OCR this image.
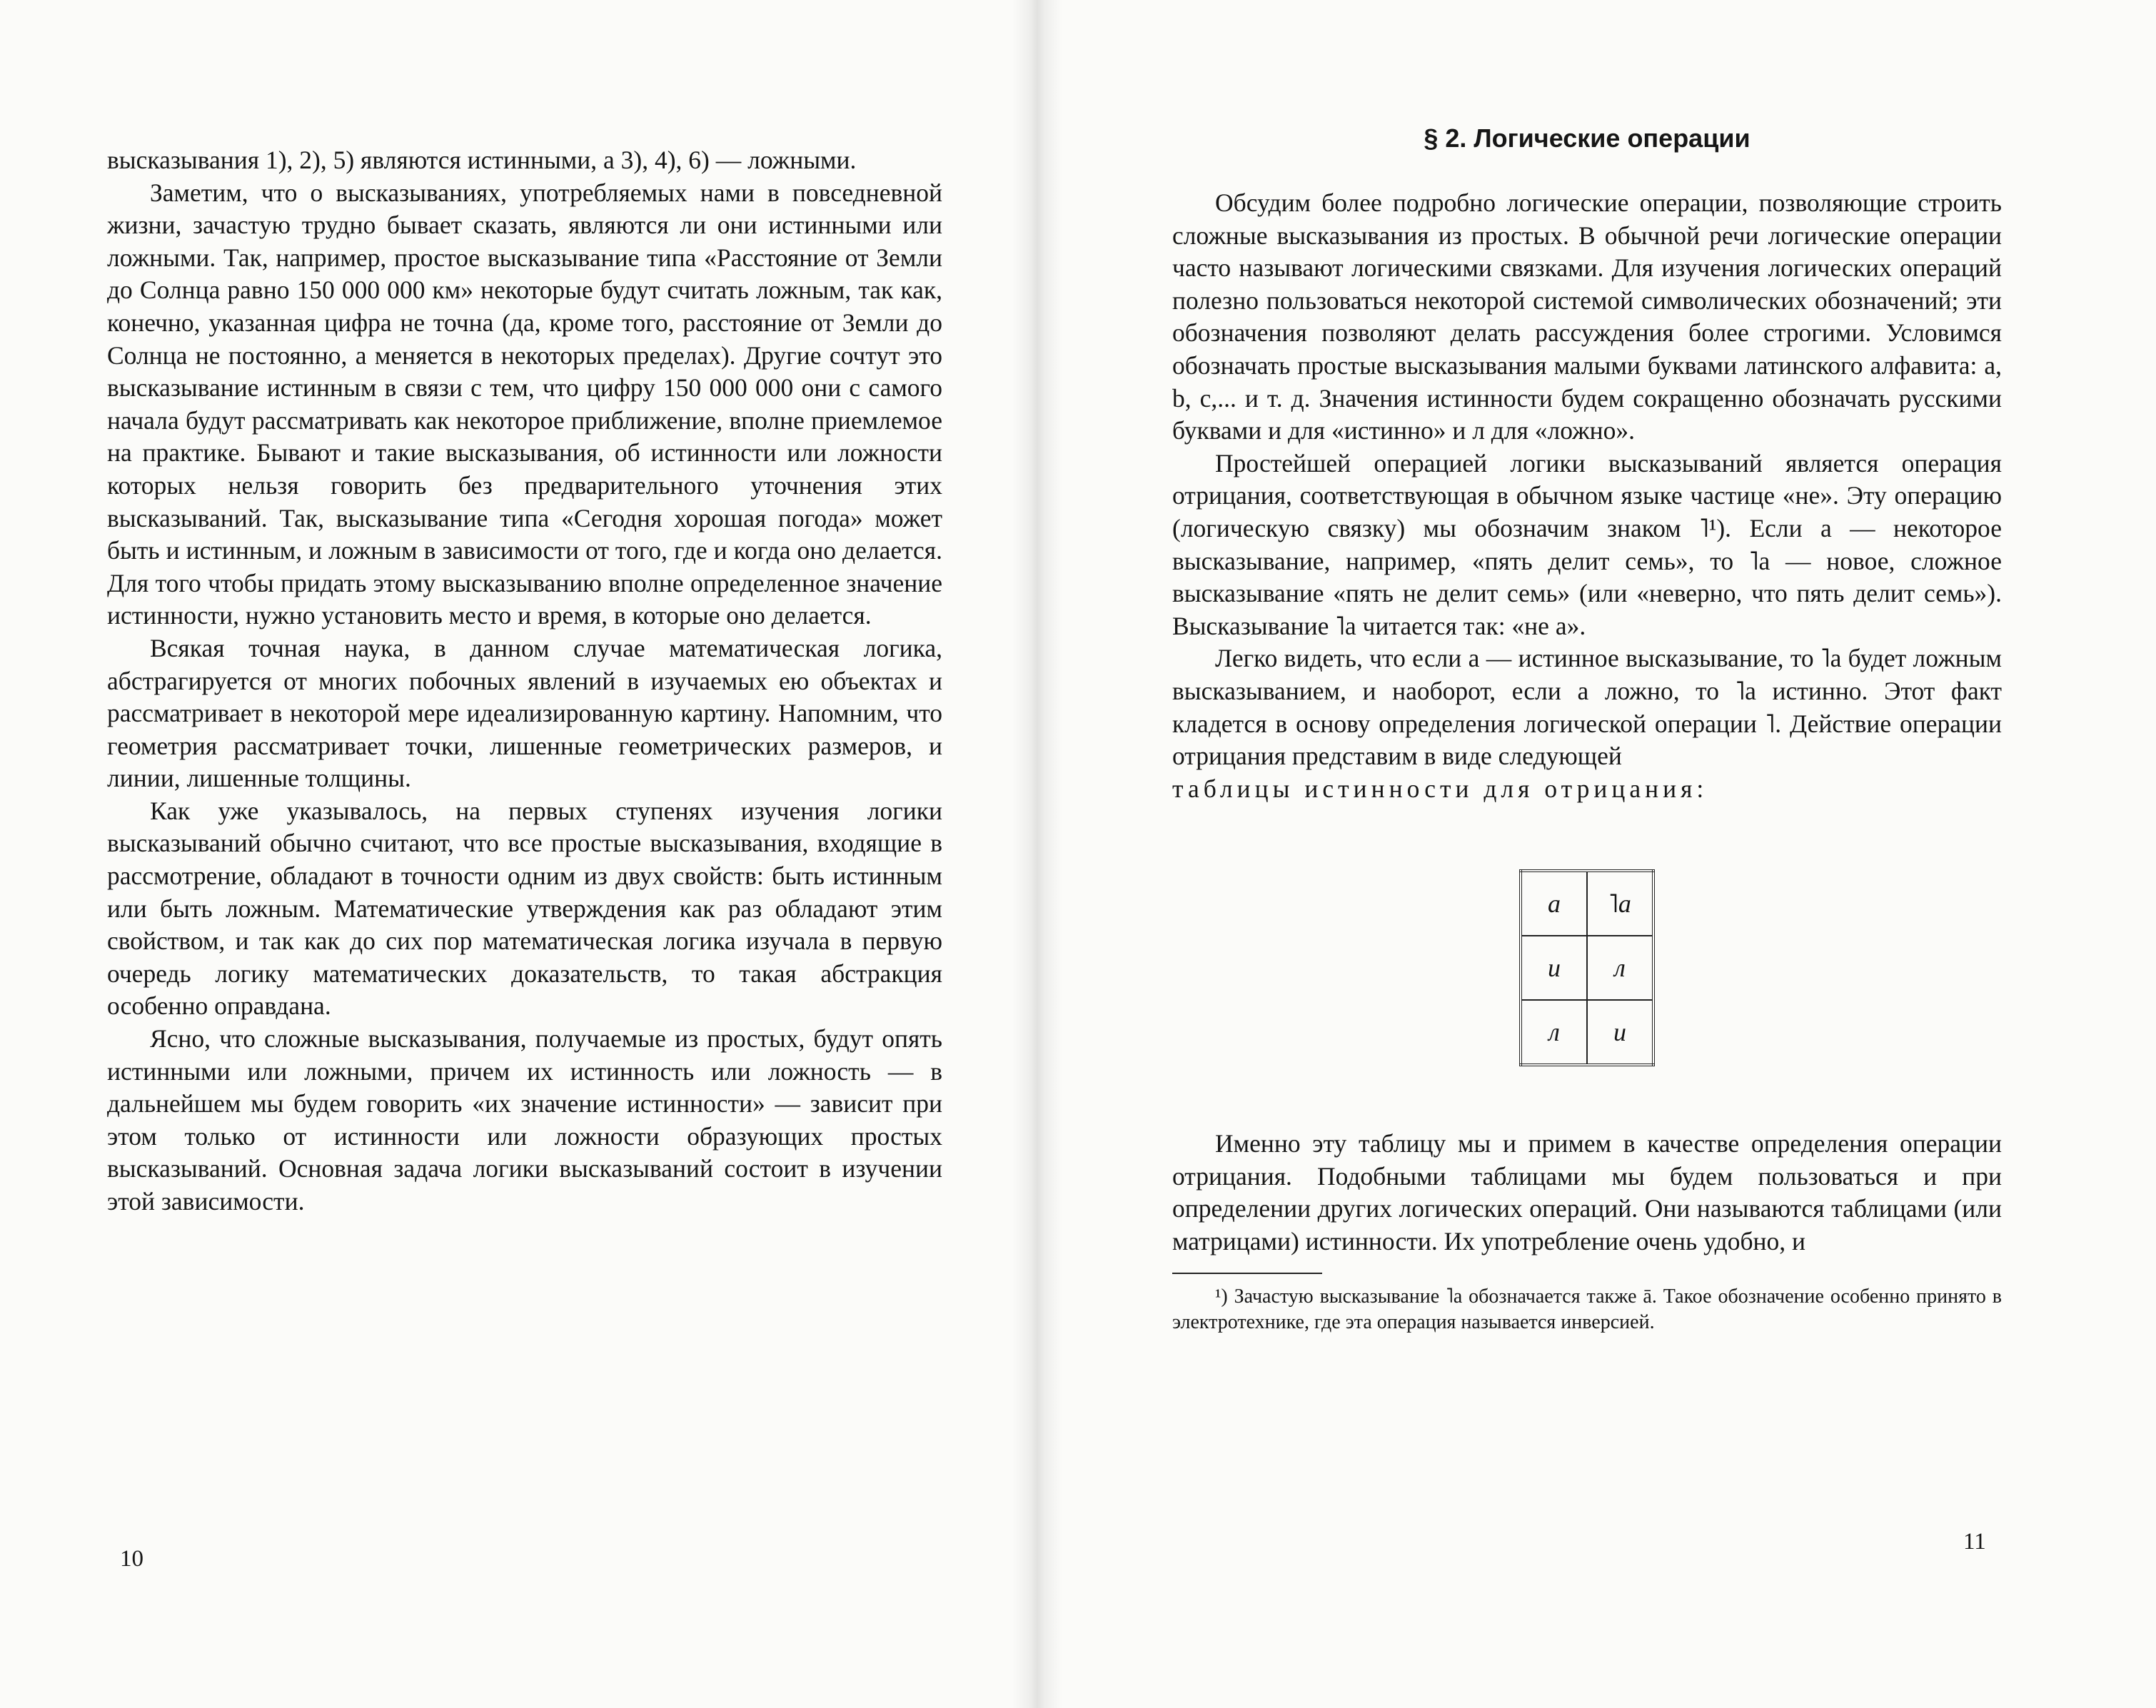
высказывания 1), 2), 5) являются истинными, а 3), 4), 6) — ложными.

Заметим, что о высказываниях, употребляемых нами в повседневной жизни, зачастую трудно бывает сказать, являются ли они истинными или ложными. Так, например, простое высказывание типа «Расстояние от Земли до Солнца равно 150 000 000 км» некоторые будут считать ложным, так как, конечно, указанная цифра не точна (да, кроме того, расстояние от Земли до Солнца не постоянно, а меняется в некоторых пределах). Другие сочтут это высказывание истинным в связи с тем, что цифру 150 000 000 они с самого начала будут рассматривать как некоторое приближение, вполне приемлемое на практике. Бывают и такие высказывания, об истинности или ложности которых нельзя говорить без предварительного уточнения этих высказываний. Так, высказывание типа «Сегодня хорошая погода» может быть и истинным, и ложным в зависимости от того, где и когда оно делается. Для того чтобы придать этому высказыванию вполне определенное значение истинности, нужно установить место и время, в которые оно делается.

Всякая точная наука, в данном случае математическая логика, абстрагируется от многих побочных явлений в изучаемых ею объектах и рассматривает в некоторой мере идеализированную картину. Напомним, что геометрия рассматривает точки, лишенные геометрических размеров, и линии, лишенные толщины.

Как уже указывалось, на первых ступенях изучения логики высказываний обычно считают, что все простые высказывания, входящие в рассмотрение, обладают в точности одним из двух свойств: быть истинным или быть ложным. Математические утверждения как раз обладают этим свойством, и так как до сих пор математическая логика изучала в первую очередь логику математических доказательств, то такая абстракция особенно оправдана.

Ясно, что сложные высказывания, получаемые из простых, будут опять истинными или ложными, причем их истинность или ложность — в дальнейшем мы будем говорить «их значение истинности» — зависит при этом только от истинности или ложности образующих простых высказываний. Основная задача логики высказываний состоит в изучении этой зависимости.

10
§ 2. Логические операции

Обсудим более подробно логические операции, позволяющие строить сложные высказывания из простых. В обычной речи логические операции часто называют логическими связками. Для изучения логических операций полезно пользоваться некоторой системой символических обозначений; эти обозначения позволяют делать рассуждения более строгими. Условимся обозначать простые высказывания малыми буквами латинского алфавита: a, b, c,... и т. д. Значения истинности будем сокращенно обозначать русскими буквами и для «истинно» и л для «ложно».

Простейшей операцией логики высказываний является операция отрицания, соответствующая в обычном языке частице «не». Эту операцию (логическую связку) мы обозначим знаком ˥¹). Если a — некоторое высказывание, например, «пять делит семь», то ˥a — новое, сложное высказывание «пять не делит семь» (или «неверно, что пять делит семь»). Высказывание ˥a читается так: «не a».

Легко видеть, что если a — истинное высказывание, то ˥a будет ложным высказыванием, и наоборот, если a ложно, то ˥a истинно. Этот факт кладется в основу определения логической операции ˥. Действие операции отрицания представим в виде следующей

таблицы истинности для отрицания:

a	˥a
и	л
л	и

Именно эту таблицу мы и примем в качестве определения операции отрицания. Подобными таблицами мы будем пользоваться и при определении других логических операций. Они называются таблицами (или матрицами) истинности. Их употребление очень удобно, и

¹) Зачастую высказывание ˥a обозначается также ā. Такое обозначение особенно принято в электротехнике, где эта операция называется инверсией.

11
